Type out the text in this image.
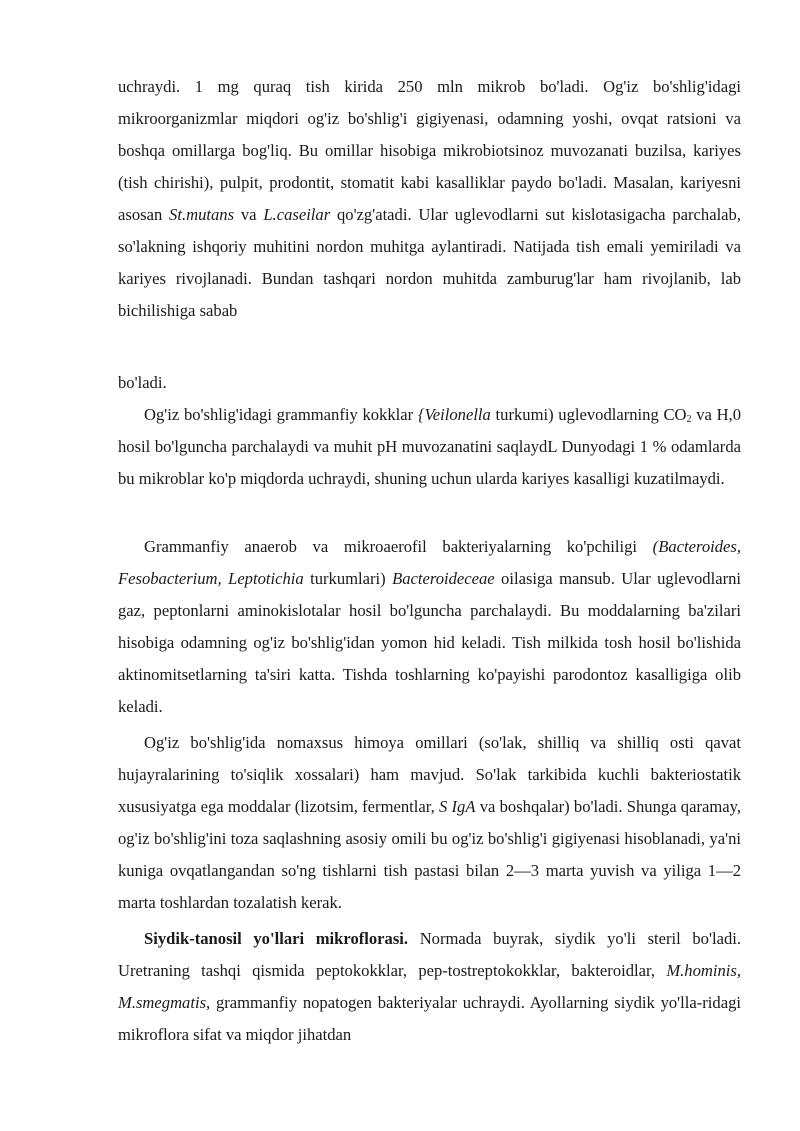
uchraydi. 1 mg quraq tish kirida 250 mln mikrob bo'ladi. Og'iz bo'shlig'idagi mikroorganizmlar miqdori og'iz bo'shlig'i gigiyenasi, odamning yoshi, ovqat ratsioni va boshqa omillarga bog'liq. Bu omillar hisobiga mikrobiotsinoz muvozanati buzilsa, kariyes (tish chirishi), pulpit, prodontit, stomatit kabi kasalliklar paydo bo'ladi. Masalan, kariyesni asosan St.mutans va L.caseilar qo'zg'atadi. Ular uglevodlarni sut kislotasigacha parchalab, so'lakning ishqoriy muhitini nordon muhitga aylantiradi. Natijada tish emali yemiriladi va kariyes rivojlanadi. Bundan tashqari nordon muhitda zamburug'lar ham rivojlanib, lab bichilishiga sabab

bo'ladi.

Og'iz bo'shlig'idagi grammanfiy kokklar {Veilonella turkumi) uglevodlarning $CO_2$ va H,0 hosil bo'lguncha parchalaydi va muhit pH muvozanatini saqlaydL Dunyodagi 1 % odamlarda bu mikroblar ko'p miqdorda uchraydi, shuning uchun ularda kariyes kasalligi kuzatilmaydi.

Grammanfiy anaerob va mikroaerofil bakteriyalarning ko'pchiligi (Bacteroides, Fesobacterium, Leptotichia turkumlari) Bacteroideceae oilasiga mansub. Ular uglevodlarni gaz, peptonlarni aminokislotalar hosil bo'lguncha parchalaydi. Bu moddalarning ba'zilari hisobiga odamning og'iz bo'shlig'idan yomon hid keladi. Tish milkida tosh hosil bo'lishida aktinomitsetlarning ta'siri katta. Tishda toshlarning ko'payishi parodontoz kasalligiga olib keladi.

Og'iz bo'shlig'ida nomaxsus himoya omillari (so'lak, shilliq va shilliq osti qavat hujayralarining to'siqlik xossalari) ham mavjud. So'lak tarkibida kuchli bakteriostatik xususiyatga ega moddalar (lizotsim, fermentlar, S IgA va boshqalar) bo'ladi. Shunga qaramay, og'iz bo'shlig'ini toza saqlashning asosiy omili bu og'iz bo'shlig'i gigiyenasi hisoblanadi, ya'ni kuniga ovqatlangandan so'ng tishlarni tish pastasi bilan 2—3 marta yuvish va yiliga 1—2 marta toshlardan tozalatish kerak.

Siydik-tanosil yo'llari mikroflorasi. Normada buyrak, siydik yo'li steril bo'ladi. Uretraning tashqi qismida peptokokklar, pep-tostreptokokklar, bakteroidlar, M.hominis, M.smegmatis, grammanfiy nopatogen bakteriyalar uchraydi. Ayollarning siydik yo'lla-ridagi mikroflora sifat va miqdor jihatdan
